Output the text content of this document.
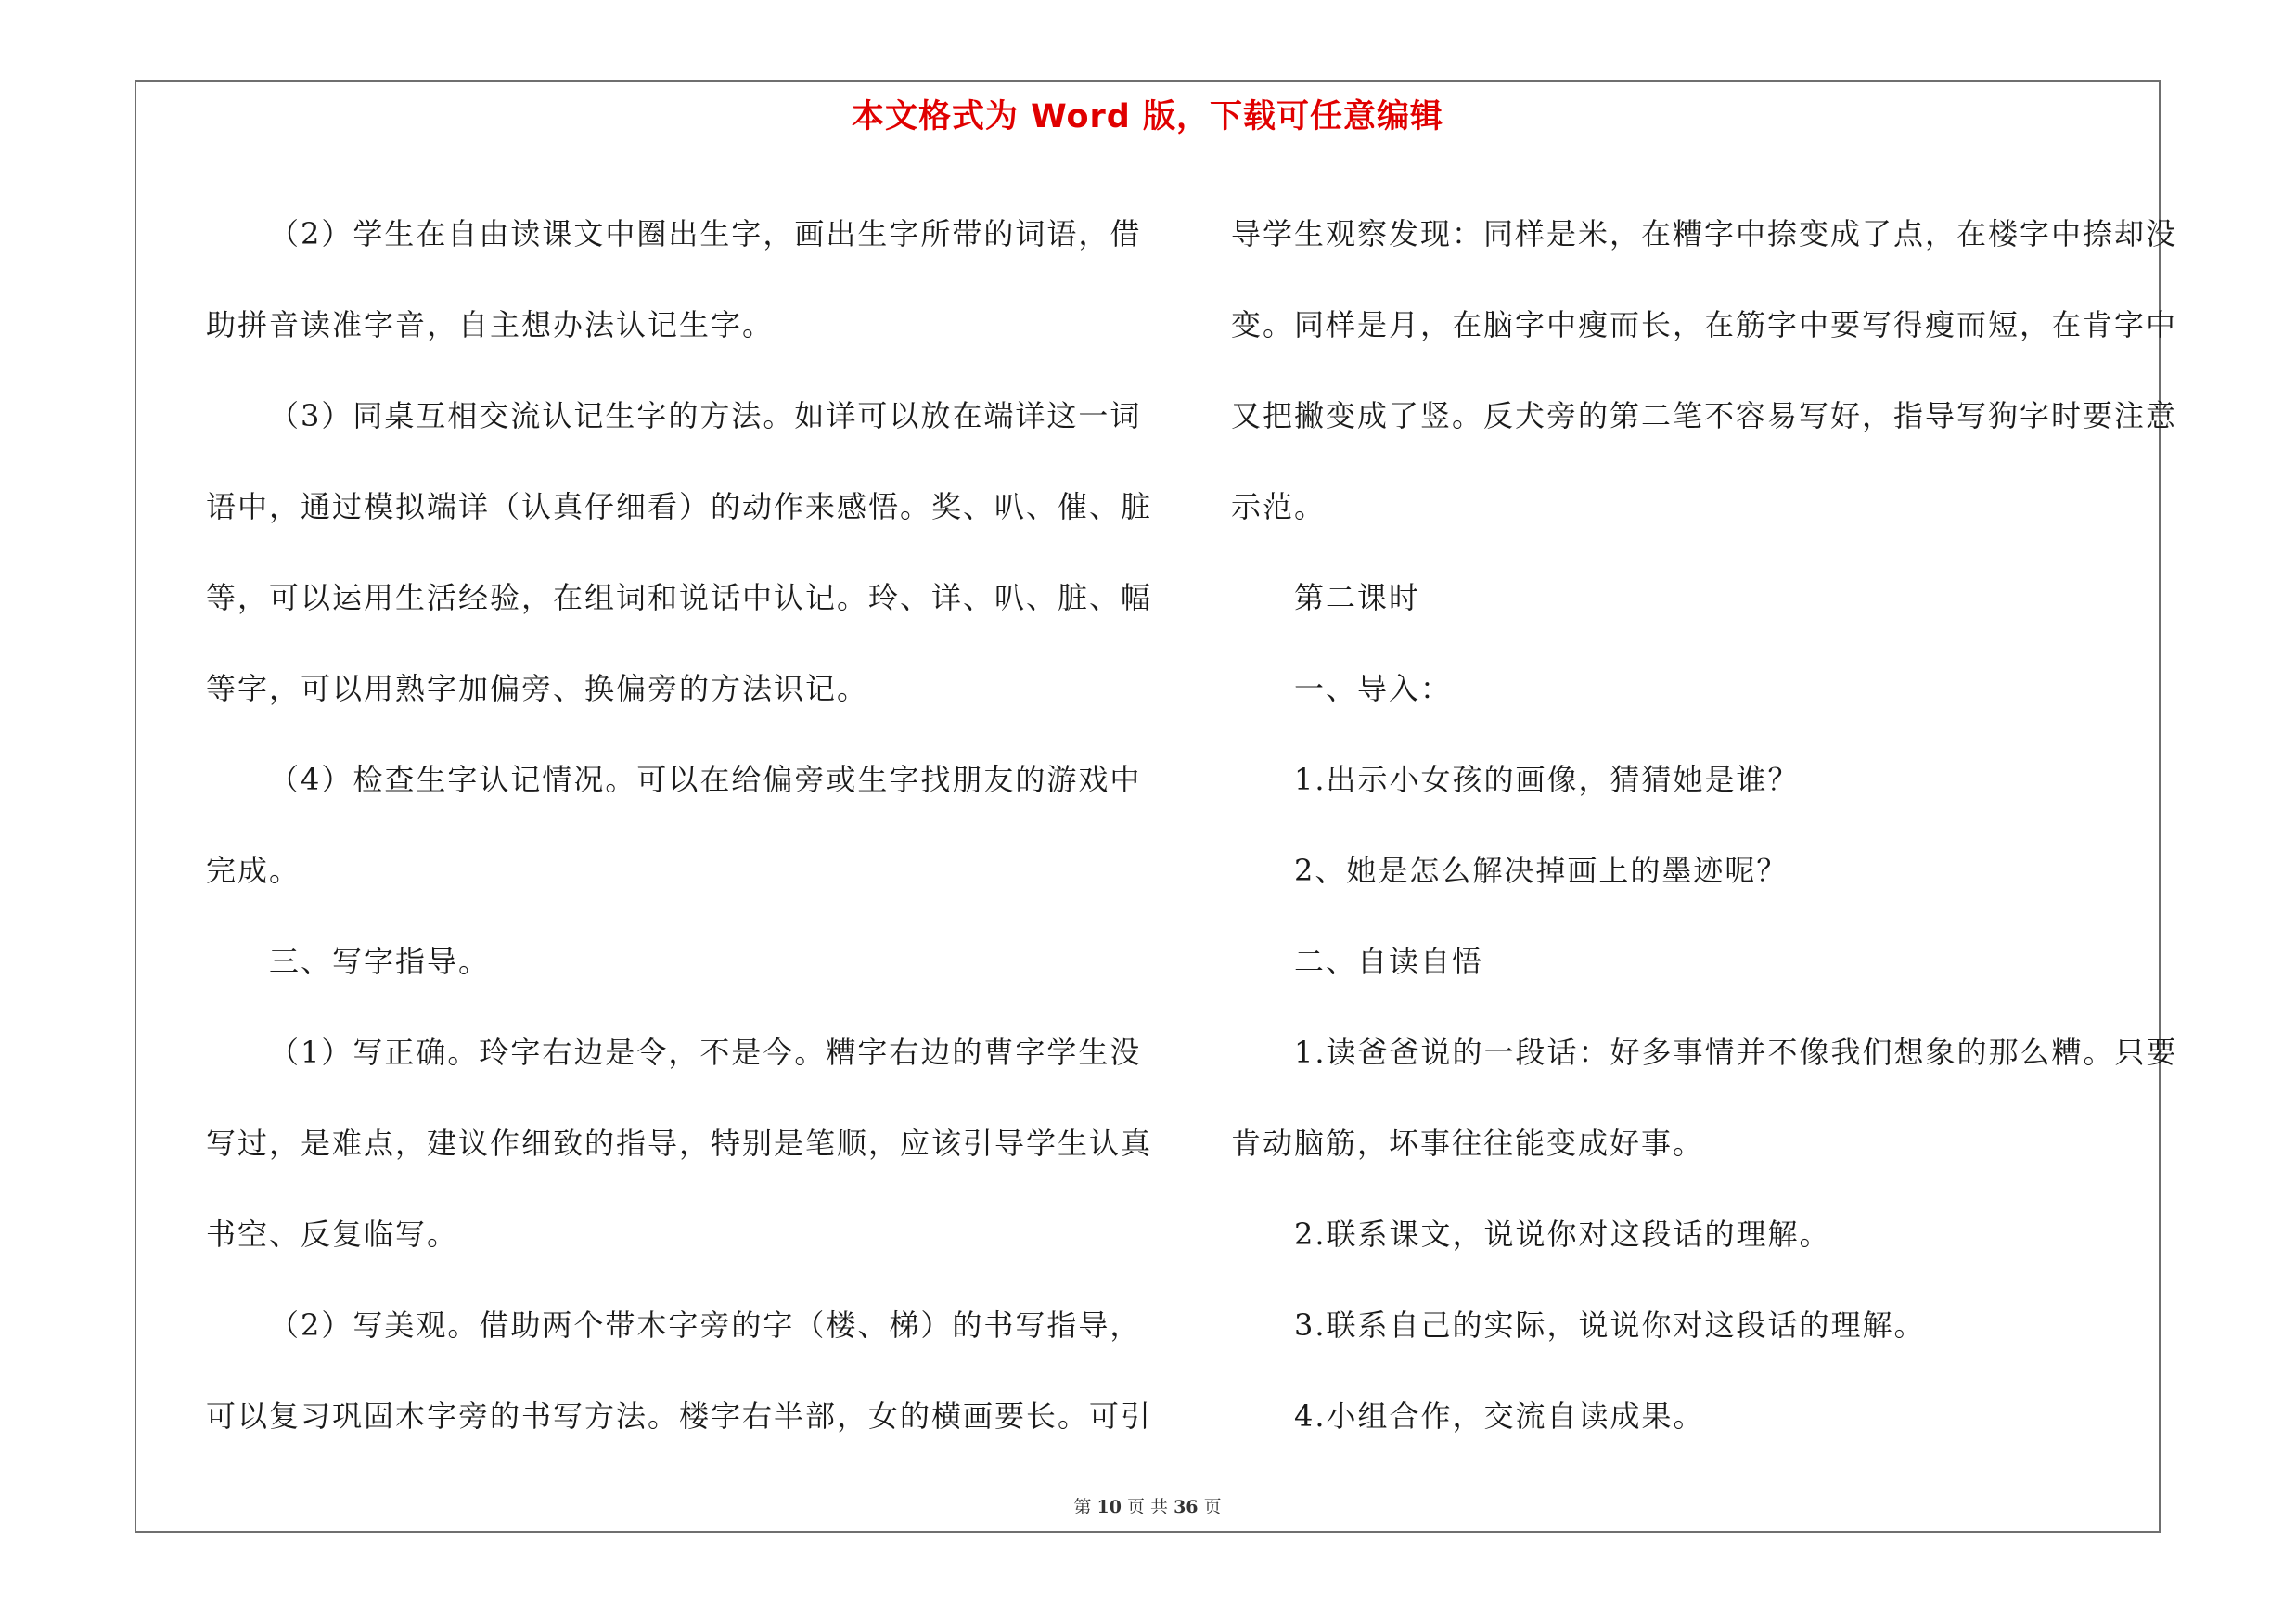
本文格式为 Word 版，下载可任意编辑
（2）学生在自由读课文中圈出生字，画出生字所带的词语，借
助拼音读准字音，自主想办法认记生字。
（3）同桌互相交流认记生字的方法。如详可以放在端详这一词
语中，通过模拟端详（认真仔细看）的动作来感悟。奖、叭、催、脏
等，可以运用生活经验，在组词和说话中认记。玲、详、叭、脏、幅
等字，可以用熟字加偏旁、换偏旁的方法识记。
（4）检查生字认记情况。可以在给偏旁或生字找朋友的游戏中
完成。
三、写字指导。
（1）写正确。玲字右边是令，不是今。糟字右边的曹字学生没
写过，是难点，建议作细致的指导，特别是笔顺，应该引导学生认真
书空、反复临写。
（2）写美观。借助两个带木字旁的字（楼、梯）的书写指导，
可以复习巩固木字旁的书写方法。楼字右半部，女的横画要长。可引
导学生观察发现：同样是米，在糟字中捺变成了点，在楼字中捺却没
变。同样是月，在脑字中瘦而长，在筋字中要写得瘦而短，在肯字中
又把撇变成了竖。反犬旁的第二笔不容易写好，指导写狗字时要注意
示范。
第二课时
一、导入：
1.出示小女孩的画像，猜猜她是谁？
2、她是怎么解决掉画上的墨迹呢？
二、自读自悟
1.读爸爸说的一段话：好多事情并不像我们想象的那么糟。只要
肯动脑筋，坏事往往能变成好事。
2.联系课文，说说你对这段话的理解。
3.联系自己的实际，说说你对这段话的理解。
4.小组合作，交流自读成果。
第 10 页 共 36 页
